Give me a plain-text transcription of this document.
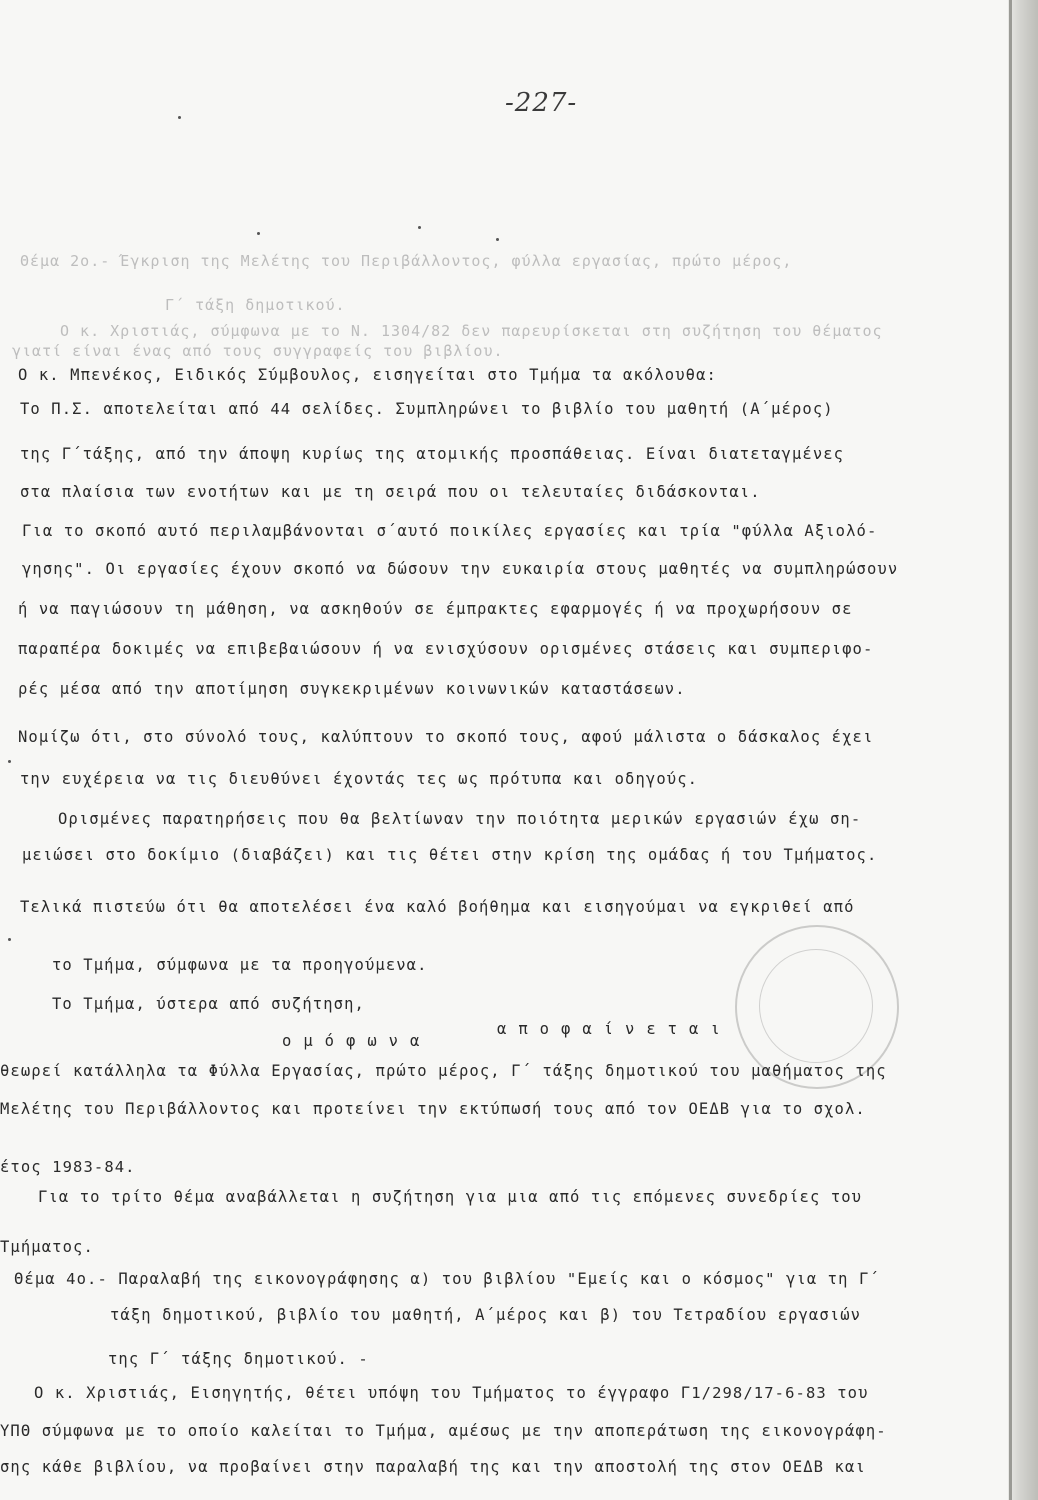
-227-
Θέμα 2ο.- Έγκριση της Μελέτης του Περιβάλλοντος, φύλλα εργασίας, πρώτο μέρος,
Γ΄ τάξη δημοτικού.
Ο κ. Χριστιάς, σύμφωνα με το Ν. 1304/82 δεν παρευρίσκεται στη συζήτηση του θέματος
γιατί είναι ένας από τους συγγραφείς του βιβλίου.
Ο κ. Μπενέκος, Ειδικός Σύμβουλος, εισηγείται στο Τμήμα τα ακόλουθα:
Το Π.Σ. αποτελείται από 44 σελίδες. Συμπληρώνει το βιβλίο του μαθητή (Α΄μέρος)
της Γ΄τάξης, από την άποψη κυρίως της ατομικής προσπάθειας. Είναι διατεταγμένες
στα πλαίσια των ενοτήτων και με τη σειρά που οι τελευταίες διδάσκονται.
Για το σκοπό αυτό περιλαμβάνονται σ΄αυτό ποικίλες εργασίες και τρία "φύλλα Αξιολό-
γησης". Οι εργασίες έχουν σκοπό να δώσουν την ευκαιρία στους μαθητές να συμπληρώσουν
ή να παγιώσουν τη μάθηση, να ασκηθούν σε έμπρακτες εφαρμογές ή να προχωρήσουν σε
παραπέρα δοκιμές να επιβεβαιώσουν ή να ενισχύσουν ορισμένες στάσεις και συμπεριφο-
ρές μέσα από την αποτίμηση συγκεκριμένων κοινωνικών καταστάσεων.
Νομίζω ότι, στο σύνολό τους, καλύπτουν το σκοπό τους, αφού μάλιστα ο δάσκαλος έχει
την ευχέρεια να τις διευθύνει έχοντάς τες ως πρότυπα και οδηγούς.
Ορισμένες παρατηρήσεις που θα βελτίωναν την ποιότητα μερικών εργασιών έχω ση-
μειώσει στο δοκίμιο (διαβάζει) και τις θέτει στην κρίση της ομάδας ή του Τμήματος.
Τελικά πιστεύω ότι θα αποτελέσει ένα καλό βοήθημα και εισηγούμαι να εγκριθεί από
το Τμήμα, σύμφωνα με τα προηγούμενα.
Το Τμήμα, ύστερα από συζήτηση,
ομόφωνα
αποφαίνεται
θεωρεί κατάλληλα τα Φύλλα Εργασίας, πρώτο μέρος, Γ΄ τάξης δημοτικού του μαθήματος της
Μελέτης του Περιβάλλοντος και προτείνει την εκτύπωσή τους από τον ΟΕΔΒ για το σχολ.
έτος 1983-84.
Για το τρίτο θέμα αναβάλλεται η συζήτηση για μια από τις επόμενες συνεδρίες του
Τμήματος.
Θέμα 4ο.- Παραλαβή της εικονογράφησης α) του βιβλίου "Εμείς και ο κόσμος" για τη Γ΄
τάξη δημοτικού, βιβλίο του μαθητή, Α΄μέρος και β) του Τετραδίου εργασιών
της Γ΄ τάξης δημοτικού. -
Ο κ. Χριστιάς, Εισηγητής, θέτει υπόψη του Τμήματος το έγγραφο Γ1/298/17-6-83 του
ΥΠΘ σύμφωνα με το οποίο καλείται το Τμήμα, αμέσως με την αποπεράτωση της εικονογράφη-
σης κάθε βιβλίου, να προβαίνει στην παραλαβή της και την αποστολή της στον ΟΕΔΒ και
